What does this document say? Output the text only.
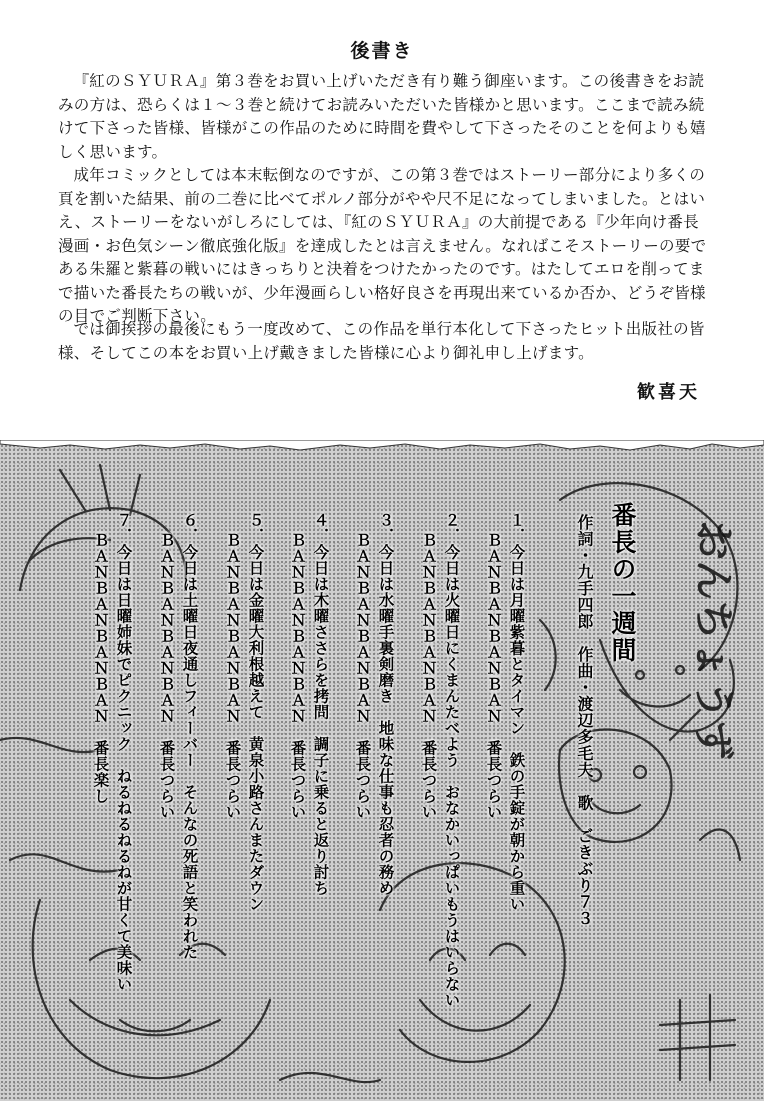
後書き

『紅のＳＹＵＲＡ』第３巻をお買い上げいただき有り難う御座います。この後書きをお読みの方は、恐らくは１～３巻と続けてお読みいただいた皆様かと思います。ここまで読み続けて下さった皆様、皆様がこの作品のために時間を費やして下さったそのことを何よりも嬉しく思います。

成年コミックとしては本末転倒なのですが、この第３巻ではストーリー部分により多くの頁を割いた結果、前の二巻に比べてポルノ部分がやや尺不足になってしまいました。とはいえ、ストーリーをないがしろにしては、『紅のＳＹＵＲＡ』の大前提である『少年向け番長漫画・お色気シーン徹底強化版』を達成したとは言えません。なればこそストーリーの要である朱羅と紫暮の戦いにはきっちりと決着をつけたかったのです。はたしてエロを削ってまで描いた番長たちの戦いが、少年漫画らしい格好良さを再現出来ているか否か、どうぞ皆様の目でご判断下さい。

では御挨拶の最後にもう一度改めて、この作品を単行本化して下さったヒット出版社の皆様、そしてこの本をお買い上げ戴きました皆様に心より御礼申し上げます。

歓喜天
おんちょうず
番長の一週間
作詞・九手四郎　作曲・渡辺多毛夫　歌　ごきぶり７３
１．今日は月曜紫暮とタイマン　鉄の手錠が朝から重い
ＢＡＮＢＡＮＢＡＮＢＡＮ　番長つらい
２．今日は火曜日にくまんたべよう　おなかいっぱいもうはいらない
ＢＡＮＢＡＮＢＡＮＢＡＮ　番長つらい
３．今日は水曜手裏剣磨き　地味な仕事も忍者の務め
ＢＡＮＢＡＮＢＡＮＢＡＮ　番長つらい
４．今日は木曜ささらを拷問　調子に乗ると返り討ち
ＢＡＮＢＡＮＢＡＮＢＡＮ　番長つらい
５．今日は金曜大利根越えて　黄泉小路さんまたダウン
ＢＡＮＢＡＮＢＡＮＢＡＮ　番長つらい
６．今日は土曜日夜通しフィーバー　そんなの死語と笑われた
ＢＡＮＢＡＮＢＡＮＢＡＮ　番長つらい
７．今日は日曜姉妹でピクニック　ねるねるねるねが甘くて美味い
ＢＡＮＢＡＮＢＡＮＢＡＮ　番長楽し
